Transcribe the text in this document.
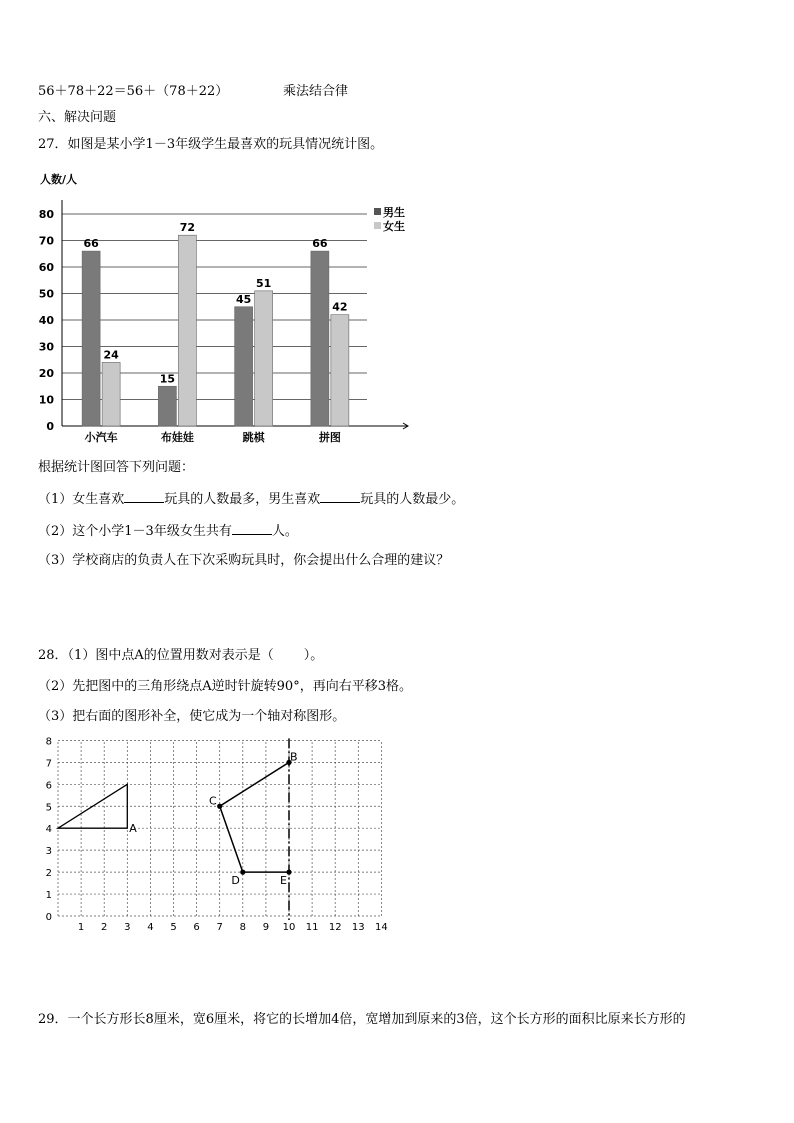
56＋78＋22＝56＋（78＋22）	乘法结合律
六、解决问题
27．如图是某小学1－3年级学生最喜欢的玩具情况统计图。
0
10
20
30
40
50
60
70
80
66
24
小汽车
15
72
布娃娃
45
51
跳棋
66
42
拼图
人数/人
男生
女生
根据统计图回答下列问题：
（1）女生喜欢	玩具的人数最多，男生喜欢	玩具的人数最少。
（2）这个小学1－3年级女生共有	人。
（3）学校商店的负责人在下次采购玩具时，你会提出什么合理的建议？
28．（1）图中点A的位置用数对表示是（ ）。
（2）先把图中的三角形绕点A逆时针旋转90°，再向右平移3格。
（3）把右面的图形补全，使它成为一个轴对称图形。
1 2 3 4 5 6 7 8 9 10 11 12 13 14
0
1
2
3
4
5
6
7
8
A
B
C
D	E
29．一个长方形长8厘米，宽6厘米，将它的长增加4倍，宽增加到原来的3倍，这个长方形的面积比原来长方形的
